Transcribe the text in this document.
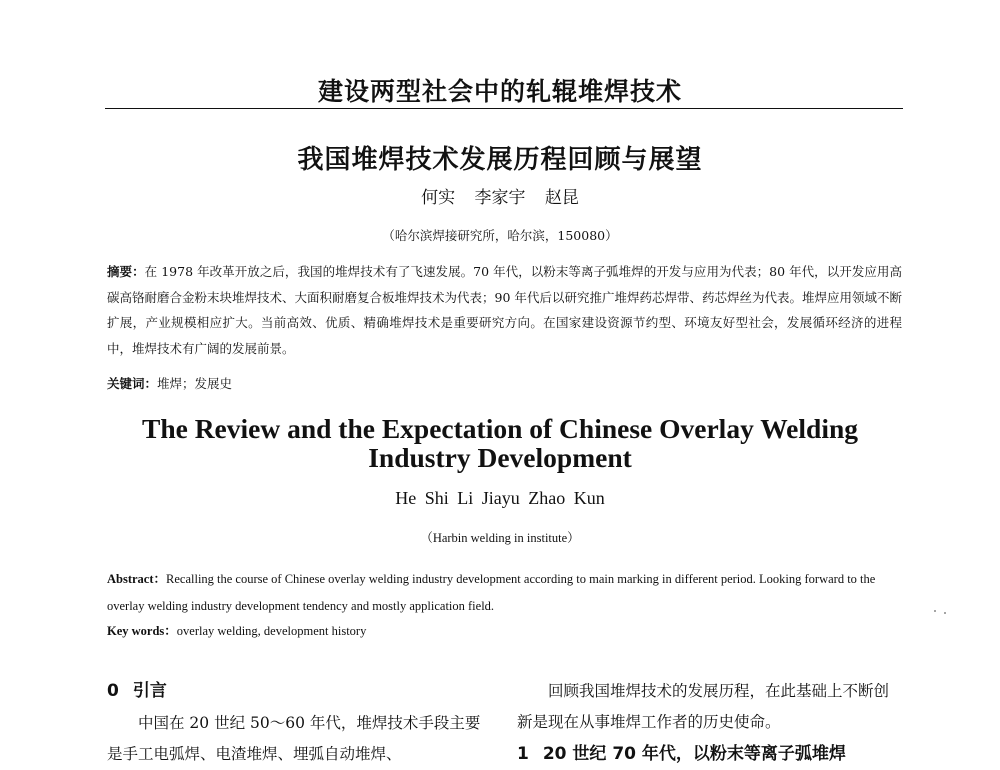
建设两型社会中的轧辊堆焊技术
我国堆焊技术发展历程回顾与展望
何实 李家宇 赵昆
（哈尔滨焊接研究所，哈尔滨，150080）
摘要：在 1978 年改革开放之后，我国的堆焊技术有了飞速发展。70 年代，以粉末等离子弧堆焊的开发与应用为代表；80 年代，以开发应用高碳高铬耐磨合金粉末块堆焊技术、大面积耐磨复合板堆焊技术为代表；90 年代后以研究推广堆焊药芯焊带、药芯焊丝为代表。堆焊应用领域不断扩展，产业规模相应扩大。当前高效、优质、精确堆焊技术是重要研究方向。在国家建设资源节约型、环境友好型社会，发展循环经济的进程中，堆焊技术有广阔的发展前景。
关键词：堆焊；发展史
The Review and the Expectation of Chinese Overlay Welding Industry Development
He Shi Li Jiayu Zhao Kun
（Harbin welding in institute）
Abstract：Recalling the course of Chinese overlay welding industry development according to main marking in different period. Looking forward to the overlay welding industry development tendency and mostly application field.
Key words：overlay welding, development history
0 引言

中国在 20 世纪 50～60 年代，堆焊技术手段主要是手工电弧焊、电渣堆焊、埋弧自动堆焊、

回顾我国堆焊技术的发展历程，在此基础上不断创新是现在从事堆焊工作者的历史使命。

1 20 世纪 70 年代，以粉末等离子弧堆焊
